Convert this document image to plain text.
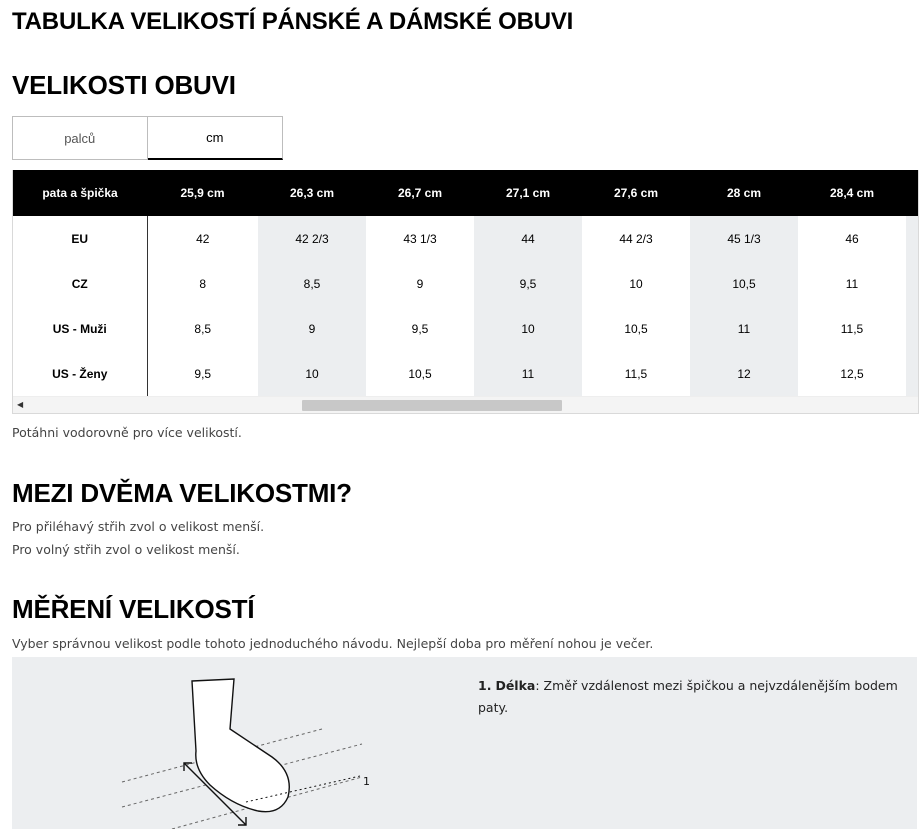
TABULKA VELIKOSTÍ PÁNSKÉ A DÁMSKÉ OBUVI
VELIKOSTI OBUVI
palců	cm
pata a špička	25,9 cm	26,3 cm	26,7 cm	27,1 cm	27,6 cm	28 cm	28,4 cm	
EU	42	42 2/3	43 1/3	44	44 2/3	45 1/3	46	
CZ	8	8,5	9	9,5	10	10,5	11	
US - Muži	8,5	9	9,5	10	10,5	11	11,5	
US - Ženy	9,5	10	10,5	11	11,5	12	12,5	
◀
Potáhni vodorovně pro více velikostí.
MEZI DVĚMA VELIKOSTMI?
Pro přiléhavý střih zvol o velikost menší.
Pro volný střih zvol o velikost menší.
MĚŘENÍ VELIKOSTÍ
Vyber správnou velikost podle tohoto jednoduchého návodu. Nejlepší doba pro měření nohou je večer.
1
1. Délka: Změř vzdálenost mezi špičkou a nejvzdálenějším bodem paty.
